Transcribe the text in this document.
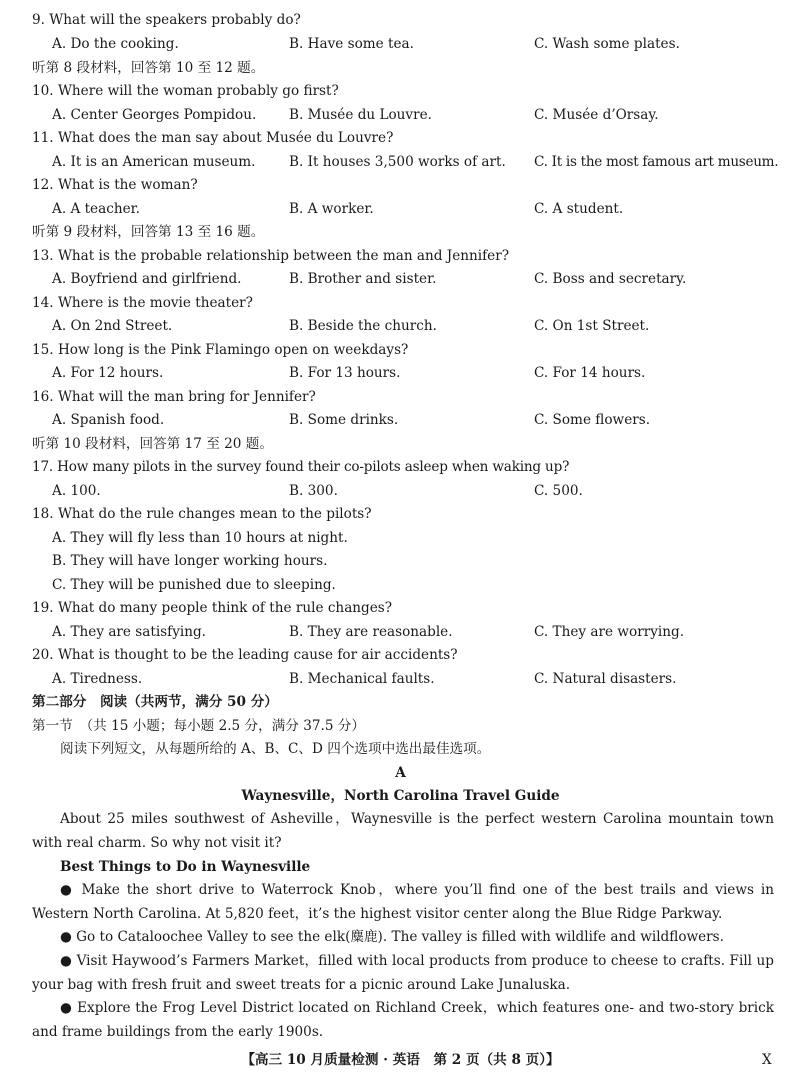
9. What will the speakers probably do?
A. Do the cooking.	B. Have some tea.	C. Wash some plates.
听第 8 段材料，回答第 10 至 12 题。
10. Where will the woman probably go first?
A. Center Georges Pompidou. B. Musée du Louvre.	C. Musée d’Orsay.
11. What does the man say about Musée du Louvre?
A. It is an American museum. B. It houses 3,500 works of art. C. It is the most famous art museum.
12. What is the woman?
A. A teacher.	B. A worker.	C. A student.
听第 9 段材料，回答第 13 至 16 题。
13. What is the probable relationship between the man and Jennifer?
A. Boyfriend and girlfriend.	B. Brother and sister.	C. Boss and secretary.
14. Where is the movie theater?
A. On 2nd Street.	B. Beside the church.	C. On 1st Street.
15. How long is the Pink Flamingo open on weekdays?
A. For 12 hours.	B. For 13 hours.	C. For 14 hours.
16. What will the man bring for Jennifer?
A. Spanish food.	B. Some drinks.	C. Some flowers.
听第 10 段材料，回答第 17 至 20 题。
17. How many pilots in the survey found their co-pilots asleep when waking up?
A. 100.	B. 300.	C. 500.
18. What do the rule changes mean to the pilots?
A. They will fly less than 10 hours at night.
B. They will have longer working hours.
C. They will be punished due to sleeping.
19. What do many people think of the rule changes?
A. They are satisfying.	B. They are reasonable.	C. They are worrying.
20. What is thought to be the leading cause for air accidents?
A. Tiredness.	B. Mechanical faults.	C. Natural disasters.
第二部分　阅读（共两节，满分 50 分）
第一节　（共 15 小题；每小题 2.5 分，满分 37.5 分）
阅读下列短文，从每题所给的 A、B、C、D 四个选项中选出最佳选项。
A
Waynesville，North Carolina Travel Guide
About 25 miles southwest of Asheville，Waynesville is the perfect western Carolina mountain town with real charm. So why not visit it?
Best Things to Do in Waynesville
● Make the short drive to Waterrock Knob，where you’ll find one of the best trails and views in Western North Carolina. At 5,820 feet，it’s the highest visitor center along the Blue Ridge Parkway.
● Go to Cataloochee Valley to see the elk(麋鹿). The valley is filled with wildlife and wildflowers.
● Visit Haywood’s Farmers Market，filled with local products from produce to cheese to crafts. Fill up your bag with fresh fruit and sweet treats for a picnic around Lake Junaluska.
● Explore the Frog Level District located on Richland Creek，which features one- and two-story brick and frame buildings from the early 1900s.
【高三 10 月质量检测 · 英语　第 2 页（共 8 页）】	X
